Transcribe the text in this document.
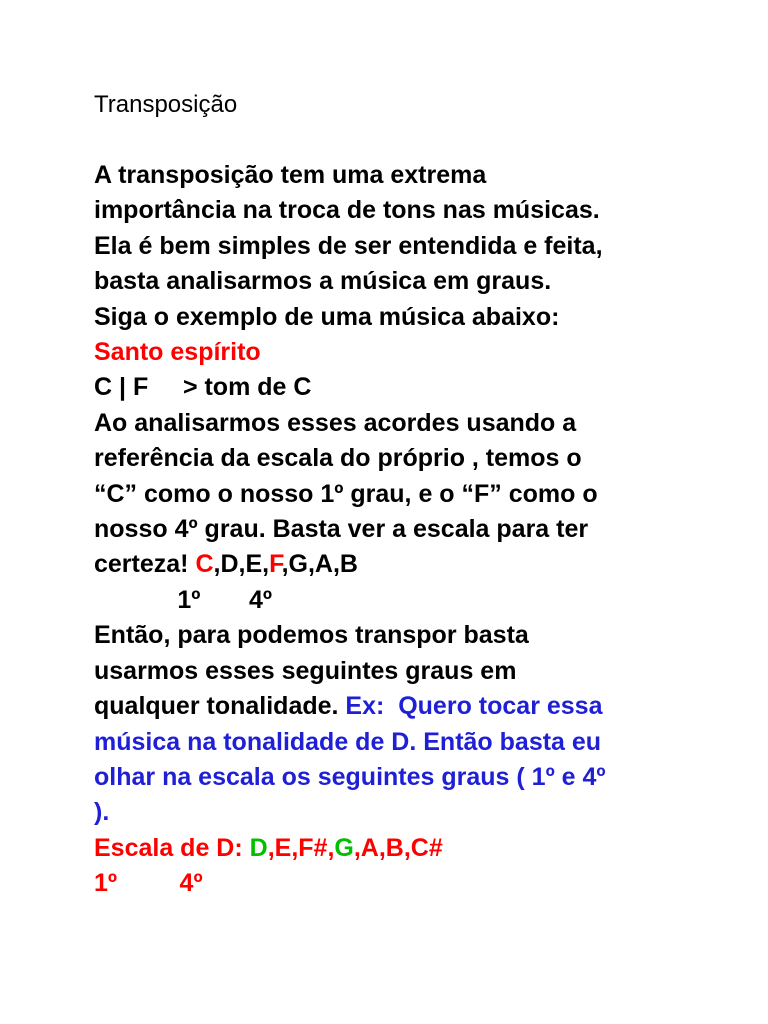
Transposição

A transposição tem uma extrema
importância na troca de tons nas músicas.
Ela é bem simples de ser entendida e feita,
basta analisarmos a música em graus.
Siga o exemplo de uma música abaixo:
Santo espírito
C | F     > tom de C
Ao analisarmos esses acordes usando a
referência da escala do próprio , temos o
“C” como o nosso 1º grau, e o “F” como o
nosso 4º grau. Basta ver a escala para ter
certeza! C,D,E,F,G,A,B
1º       4º
Então, para podemos transpor basta
usarmos esses seguintes graus em
qualquer tonalidade. Ex:  Quero tocar essa
música na tonalidade de D. Então basta eu
olhar na escala os seguintes graus ( 1º e 4º
).
Escala de D: D,E,F#,G,A,B,C#
1º         4º
